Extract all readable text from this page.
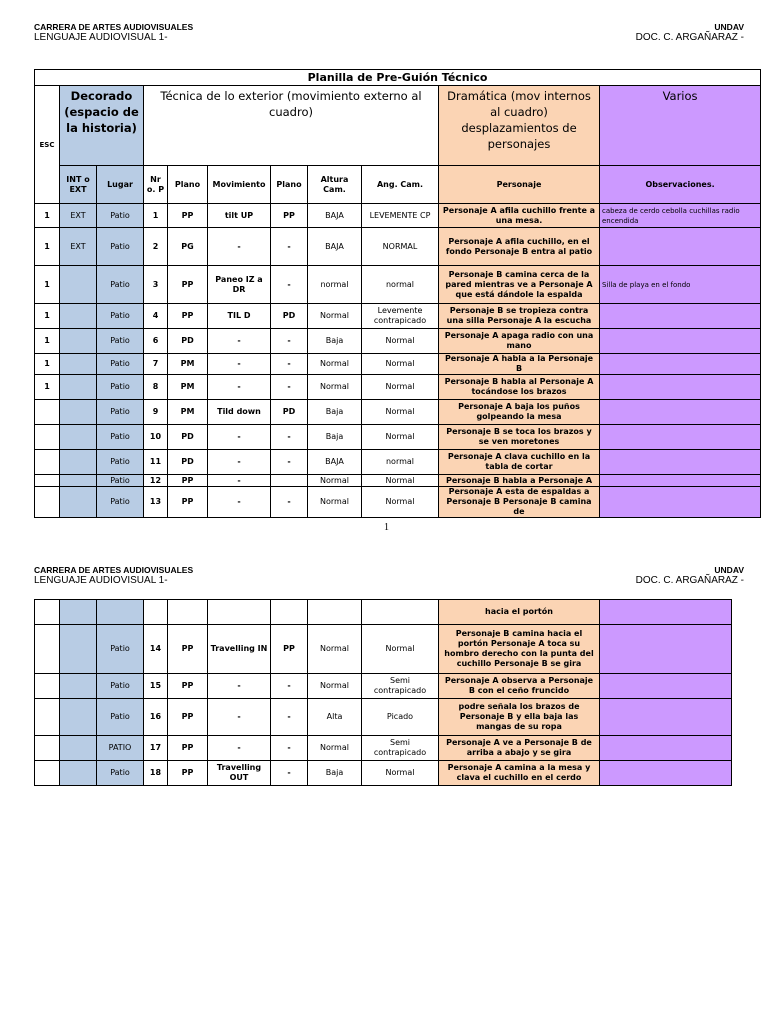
CARRERA DE ARTES AUDIOVISUALES
LENGUAJE AUDIOVISUAL 1-
UNDAV
DOC. C. ARGAÑARAZ -
Planilla de Pre-Guión Técnico										
ESC	Decorado (espacio de la historia)		Técnica de lo exterior (movimiento externo al cuadro)						Dramática (mov internos al cuadro) desplazamientos de personajes	Varios
	INT o EXT	Lugar	Nr o. P	Plano	Movimiento	Plano	Altura Cam.	Ang. Cam.	Personaje	Observaciones.
1	EXT	Patio	1	PP	tilt UP	PP	BAJA	LEVEMENTE CP	Personaje A afila cuchillo frente a una mesa.	cabeza de cerdo cebolla cuchillas radio encendida
1	EXT	Patio	2	PG	-	-	BAJA	NORMAL	Personaje A afila cuchillo, en el fondo Personaje B entra al patio	
1		Patio	3	PP	Paneo IZ a DR	-	normal	normal	Personaje B camina cerca de la pared mientras ve a Personaje A que está dándole la espalda	Silla de playa en el fondo
1		Patio	4	PP	TIL D	PD	Normal	Levemente contrapicado	Personaje B se tropieza contra una silla Personaje A la escucha	
1		Patio	6	PD	-	-	Baja	Normal	Personaje A apaga radio con una mano	
1		Patio	7	PM	-	-	Normal	Normal	Personaje A habla a la Personaje B	
1		Patio	8	PM	-	-	Normal	Normal	Personaje B habla al Personaje A tocándose los brazos	
		Patio	9	PM	Tild down	PD	Baja	Normal	Personaje A baja los puños golpeando la mesa	
		Patio	10	PD	-	-	Baja	Normal	Personaje B se toca los brazos y se ven moretones	
		Patio	11	PD	-	-	BAJA	normal	Personaje A clava cuchillo en la tabla de cortar	
		Patio	12	PP	-		Normal	Normal	Personaje B habla a Personaje A	
		Patio	13	PP	-	-	Normal	Normal	Personaje A esta de espaldas a Personaje B Personaje B camina de	
1
CARRERA DE ARTES AUDIOVISUALES
LENGUAJE AUDIOVISUAL 1-
UNDAV
DOC. C. ARGAÑARAZ -
									hacia el portón	
		Patio	14	PP	Travelling IN	PP	Normal	Normal	Personaje B camina hacia el portón Personaje A toca su hombro derecho con la punta del cuchillo Personaje B se gira	
		Patio	15	PP	-	-	Normal	Semi contrapicado	Personaje A observa a Personaje B con el ceño fruncido	
		Patio	16	PP	-	-	Alta	Picado	podre señala los brazos de Personaje B y ella baja las mangas de su ropa	
		PATIO	17	PP	-	-	Normal	Semi contrapicado	Personaje A ve a Personaje B de arriba a abajo y se gira	
		Patio	18	PP	Travelling OUT	-	Baja	Normal	Personaje A camina a la mesa y clava el cuchillo en el cerdo	
